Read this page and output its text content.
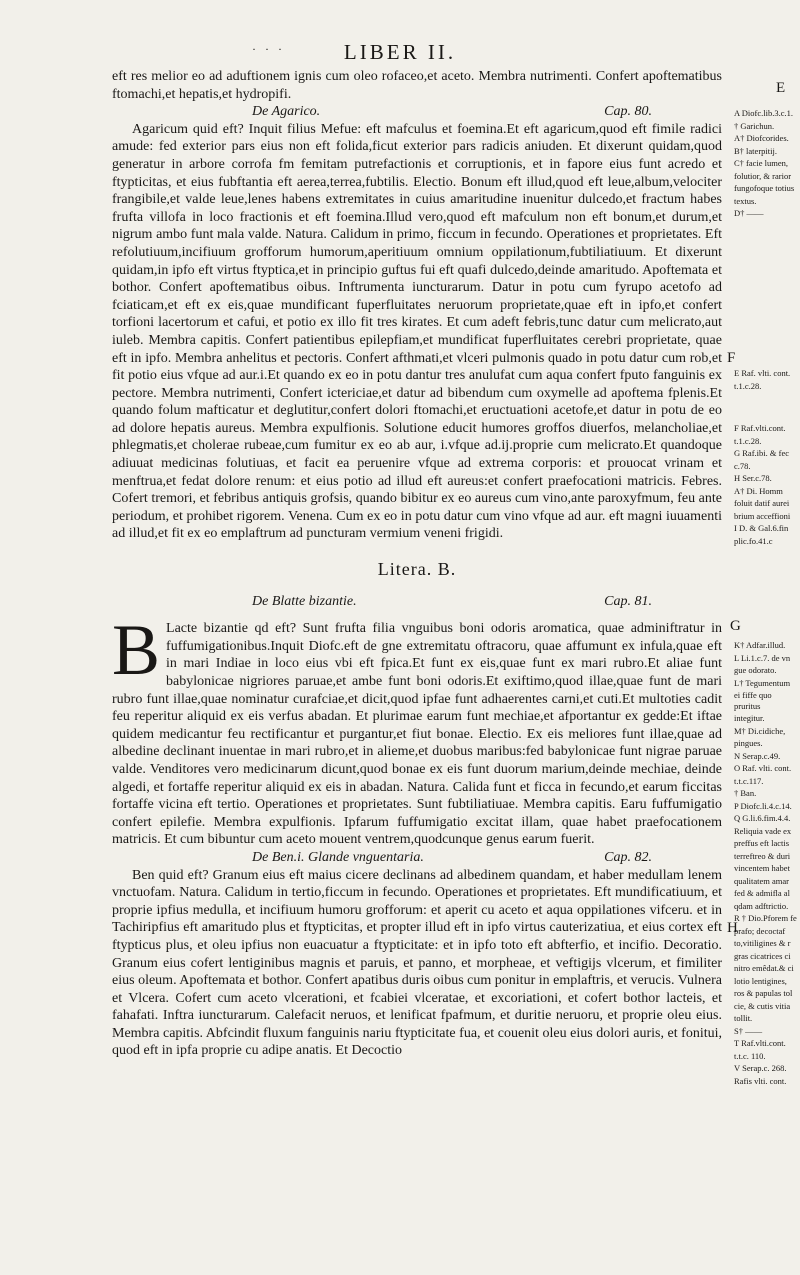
· · ·	LIBER II.

eft res melior eo ad aduftionem ignis cum oleo rofaceo,et aceto. Membra nutrimenti. Confert apoftematibus ftomachi,et hepatis,et hydropifi.

De Agarico.	Cap. 80.

Agaricum quid eft? Inquit filius Mefue: eft mafculus et foemina.Et eft agaricum,quod eft fimile radici amude: fed exterior pars eius non eft folida,ficut exterior pars radicis aniuden. Et dixerunt quidam,quod generatur in arbore corrofa fm femitam putrefactionis et corruptionis, et in fapore eius funt acredo et ftypticitas, et eius fubftantia eft aerea,terrea,fubtilis. Electio. Bonum eft illud,quod eft leue,album,velociter frangibile,et valde leue,lenes habens extremitates in cuius amaritudine inuenitur dulcedo,et fractum habes frufta villofa in loco fractionis et eft foemina.Illud vero,quod eft mafculum non eft bonum,et durum,et nigrum ambo funt mala valde. Natura. Calidum in primo, ficcum in fecundo. Operationes et proprietates. Eft refolutiuum,incifiuum grofforum humorum,aperitiuum omnium oppilationum,fubtiliatiuum. Et dixerunt quidam,in ipfo eft virtus ftyptica,et in principio guftus fui eft quafi dulcedo,deinde amaritudo. Apoftemata et bothor. Confert apoftematibus oibus. Inftrumenta iuncturarum. Datur in potu cum fyrupo acetofo ad fciaticam,et eft ex eis,quae mundificant fuperfluitates neruorum proprietate,quae eft in ipfo,et confert torfioni lacertorum et cafui, et potio ex illo fit tres kirates. Et cum adeft febris,tunc datur cum melicrato,aut iuleb. Membra capitis. Confert patientibus epilepfiam,et mundificat fuperfluitates cerebri proprietate, quae eft in ipfo. Membra anhelitus et pectoris. Confert afthmati,et vlceri pulmonis quado in potu datur cum rob,et fit potio eius vfque ad aur.i.Et quando ex eo in potu dantur tres anulufat cum aqua confert fputo fanguinis ex pectore. Membra nutrimenti, Confert ictericiae,et datur ad bibendum cum oxymelle ad apoftema fplenis.Et quando folum mafticatur et deglutitur,confert dolori ftomachi,et eructuationi acetofe,et datur in potu de eo ad dolore hepatis aureus. Membra expulfionis. Solutione educit humores groffos diuerfos, melancholiae,et phlegmatis,et cholerae rubeae,cum fumitur ex eo ab aur, i.vfque ad.ij.proprie cum melicrato.Et quandoque adiuuat medicinas folutiuas, et facit ea peruenire vfque ad extrema corporis: et prouocat vrinam et menftrua,et fedat dolore renum: et eius potio ad illud eft aureus:et confert praefocationi matricis. Febres. Cofert tremori, et febribus antiquis grofsis, quando bibitur ex eo aureus cum vino,ante paroxyfmum, feu ante periodum, et prohibet rigorem. Venena. Cum ex eo in potu datur cum vino vfque ad aur. eft magni iuuamenti ad illud,et fit ex eo emplaftrum ad puncturam vermium veneni frigidi.

Litera. B.
De Blatte bizantie.	Cap. 81.

B Lacte bizantie qd eft? Sunt frufta filia vnguibus boni odoris aromatica, quae adminiftratur in fuffumigationibus.Inquit Diofc.eft de gne extremitatu oftracoru, quae affumunt ex infula,quae eft in mari Indiae in loco eius vbi eft fpica.Et funt ex eis,quae funt ex mari rubro.Et aliae funt babylonicae nigriores paruae,et ambe funt boni odoris.Et exiftimo,quod illae,quae funt de mari rubro funt illae,quae nominatur curafciae,et dicit,quod ipfae funt adhaerentes carni,et cuti.Et multoties cadit feu reperitur aliquid ex eis verfus abadan. Et plurimae earum funt mechiae,et afportantur ex gedde:Et iftae quidem medicantur feu rectificantur et purgantur,et fiut bonae. Electio. Ex eis meliores funt illae,quae ad albedine declinant inuentae in mari rubro,et in alieme,et duobus maribus:fed babylonicae funt nigrae paruae valde. Venditores vero medicinarum dicunt,quod bonae ex eis funt duorum marium,deinde mechiae, deinde algedi, et fortaffe reperitur aliquid ex eis in abadan. Natura. Calida funt et ficca in fecundo,et earum ficcitas fortaffe vicina eft tertio. Operationes et proprietates. Sunt fubtiliatiuae. Membra capitis. Earu fuffumigatio confert epilefie. Membra expulfionis. Ipfarum fuffumigatio excitat illam, quae habet praefocationem matricis. Et cum bibuntur cum aceto mouent ventrem,quodcunque genus earum fuerit.

De Ben.i. Glande vnguentaria.	Cap. 82.

Ben quid eft? Granum eius eft maius cicere declinans ad albedinem quandam, et haber medullam lenem vnctuofam. Natura. Calidum in tertio,ficcum in fecundo. Operationes et proprietates. Eft mundificatiuum, et proprie ipfius medulla, et incifiuum humoru grofforum: et aperit cu aceto et aqua oppilationes vifceru. et in Tachiripfius eft amaritudo plus et ftypticitas, et propter illud eft in ipfo virtus cauterizatiua, et eius cortex eft ftypticus plus, et oleu ipfius non euacuatur a ftypticitate: et in ipfo toto eft abfterfio, et incifio. Decoratio. Granum eius cofert lentiginibus magnis et paruis, et panno, et morpheae, et veftigijs vlcerum, et fimiliter eius oleum. Apoftemata et bothor. Confert apatibus duris oibus cum ponitur in emplaftris, et verucis. Vulnera et Vlcera. Cofert cum aceto vlcerationi, et fcabiei vlceratae, et excoriationi, et cofert bothor lacteis, et fahafati. Inftra iuncturarum. Calefacit neruos, et lenificat fpafmum, et duritie neruoru, et proprie oleu eius. Membra capitis. Abfcindit fluxum fanguinis nariu ftypticitate fua, et couenit oleu eius dolori auris, et fonitui, quod eft in ipfa proprie cu adipe anatis. Et Decoctio

E
F
G
H
A Diofc.lib.3.c.1.
† Garichun.
A† Diofcorides.
B† laterpitij.
C† facie lumen,
folutior, & rarior
fungofoque totius
textus.
D† ——
E Raf. vlti. cont.
t.1.c.28.
F Raf.vlti.cont.
t.1.c.28.
G Raf.ibi. & fec
c.78.
H Ser.c.78.
A† Di. Homm
foluit datif aurei
brium acceffioni
I D. & Gal.6.fin
plic.fo.41.c
K† Adfar.illud.
L Li.1.c.7. de vn
gue odorato.
L† Tegumentum
ei fiffe quo pruritus
integitur.
M† Di.cidiche,
pingues.
N Serap.c.49.
O Raf. vlti. cont.
t.t.c.117.
† Ban.
P Diofc.li.4.c.14.
Q G.li.6.fim.4.4.
Reliquia vade ex
preffus eft lactis
terreftreo & duri
vincentem habet
qualitatem amar
fed & admifla al
qdam adftrictio.
R † Dio.Pforem fe
prafo; decoctaf
to,vitiligines & r
gras cicatrices ci
nitro emêdat.& ci
lotio lentigines,
ros & papulas tol
cie, & cutis vitia
tollit.
S† ——
T Raf.vlti.cont.
t.t.c. 110.
V Serap.c. 268.
Rafis vlti. cont.
